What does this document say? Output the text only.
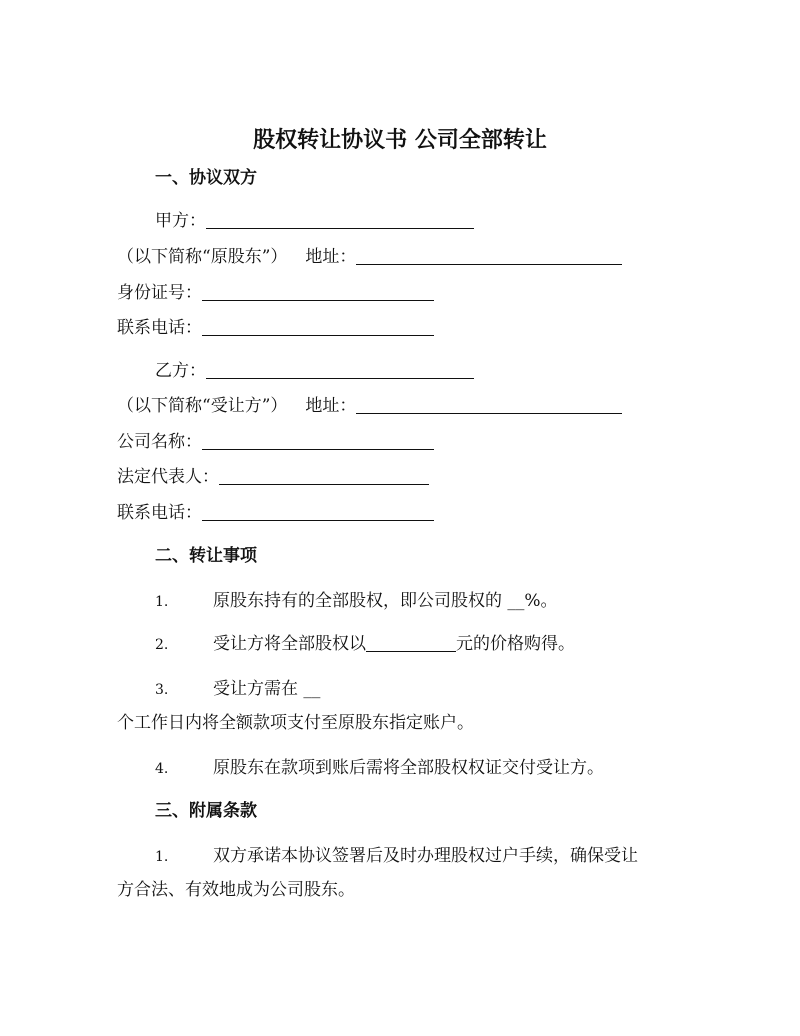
股权转让协议书 公司全部转让
一、协议双方
甲方：
（以下简称“原股东”） 地址：
身份证号：
联系电话：
乙方：
（以下简称“受让方”） 地址：
公司名称：
法定代表人：
联系电话：
二、转让事项
1.	原股东持有的全部股权，即公司股权的 __%。
2.	受让方将全部股权以	元的价格购得。
3.	受让方需在 __
个工作日内将全额款项支付至原股东指定账户。
4.	原股东在款项到账后需将全部股权权证交付受让方。
三、附属条款
1.	双方承诺本协议签署后及时办理股权过户手续，确保受让
方合法、有效地成为公司股东。
